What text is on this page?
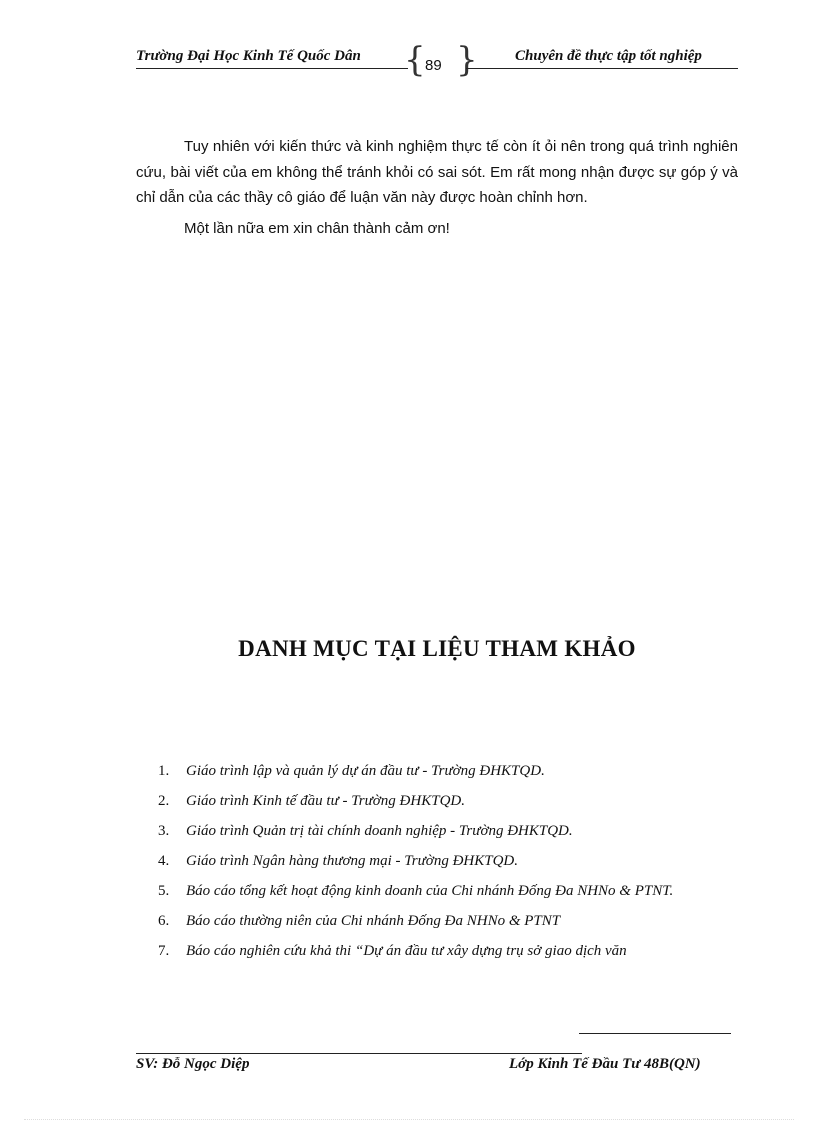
Trường Đại Học Kinh Tế Quốc Dân { 89 } Chuyên đề thực tập tốt nghiệp

Tuy nhiên với kiến thức và kinh nghiệm thực tế còn ít ỏi nên trong quá trình nghiên cứu, bài viết của em không thể tránh khỏi có sai sót. Em rất mong nhận được sự góp ý và chỉ dẫn của các thầy cô giáo để luận văn này được hoàn chỉnh hơn.

Một lần nữa em xin chân thành cảm ơn!

DANH MỤC TẠI LIỆU THAM KHẢO
1. Giáo trình lập và quản lý dự án đầu tư - Trường ĐHKTQD.
2. Giáo trình Kinh tế đầu tư - Trường ĐHKTQD.
3. Giáo trình Quản trị tài chính doanh nghiệp - Trường ĐHKTQD.
4. Giáo trình Ngân hàng thương mại - Trường ĐHKTQD.
5. Báo cáo tổng kết hoạt động kinh doanh của Chi nhánh Đống Đa NHNo & PTNT.
6. Báo cáo thường niên của Chi nhánh Đống Đa NHNo & PTNT
7. Báo cáo nghiên cứu khả thi “Dự án đầu tư xây dựng trụ sở giao dịch văn
SV: Đỗ Ngọc Diệp	Lớp Kinh Tế Đầu Tư 48B(QN)
